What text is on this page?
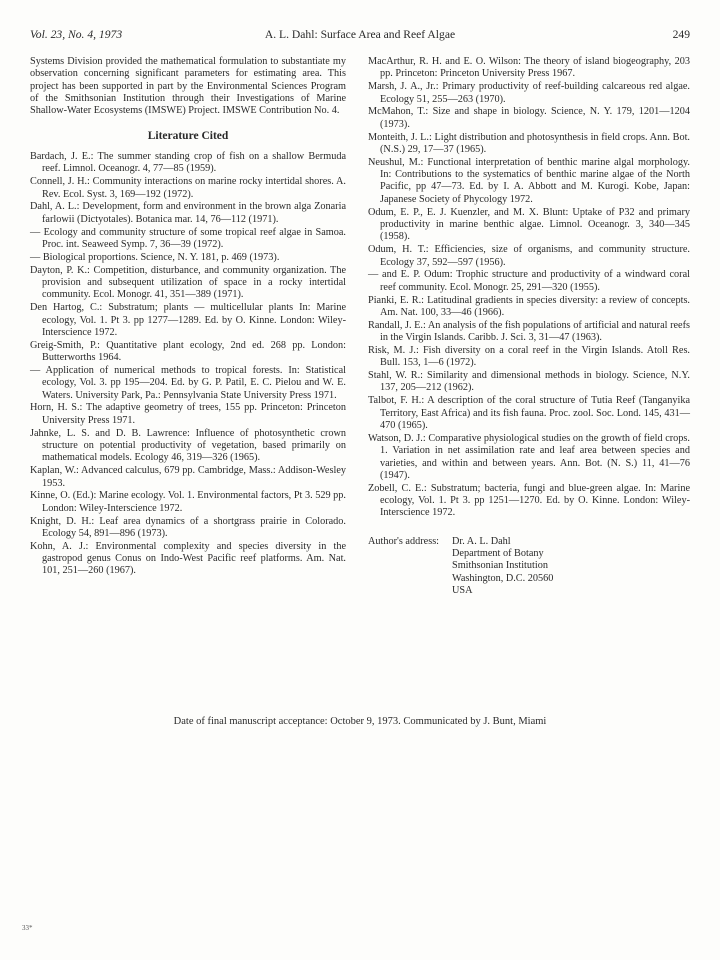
Vol. 23, No. 4, 1973	A. L. Dahl: Surface Area and Reef Algae	249

Systems Division provided the mathematical formulation to substantiate my observation concerning significant parameters for estimating area. This project has been supported in part by the Environmental Sciences Program of the Smithsonian Institution through their Investigations of Marine Shallow-Water Ecosystems (IMSWE) Project. IMSWE Contribution No. 4.

Literature Cited
Bardach, J. E.: The summer standing crop of fish on a shallow Bermuda reef. Limnol. Oceanogr. 4, 77—85 (1959).
Connell, J. H.: Community interactions on marine rocky intertidal shores. A. Rev. Ecol. Syst. 3, 169—192 (1972).
Dahl, A. L.: Development, form and environment in the brown alga Zonaria farlowii (Dictyotales). Botanica mar. 14, 76—112 (1971).
— Ecology and community structure of some tropical reef algae in Samoa. Proc. int. Seaweed Symp. 7, 36—39 (1972).
— Biological proportions. Science, N. Y. 181, p. 469 (1973).
Dayton, P. K.: Competition, disturbance, and community organization. The provision and subsequent utilization of space in a rocky intertidal community. Ecol. Monogr. 41, 351—389 (1971).
Den Hartog, C.: Substratum; plants — multicellular plants In: Marine ecology, Vol. 1. Pt 3. pp 1277—1289. Ed. by O. Kinne. London: Wiley-Interscience 1972.
Greig-Smith, P.: Quantitative plant ecology, 2nd ed. 268 pp. London: Butterworths 1964.
— Application of numerical methods to tropical forests. In: Statistical ecology, Vol. 3. pp 195—204. Ed. by G. P. Patil, E. C. Pielou and W. E. Waters. University Park, Pa.: Pennsylvania State University Press 1971.
Horn, H. S.: The adaptive geometry of trees, 155 pp. Princeton: Princeton University Press 1971.
Jahnke, L. S. and D. B. Lawrence: Influence of photosynthetic crown structure on potential productivity of vegetation, based primarily on mathematical models. Ecology 46, 319—326 (1965).
Kaplan, W.: Advanced calculus, 679 pp. Cambridge, Mass.: Addison-Wesley 1953.
Kinne, O. (Ed.): Marine ecology. Vol. 1. Environmental factors, Pt 3. 529 pp. London: Wiley-Interscience 1972.
Knight, D. H.: Leaf area dynamics of a shortgrass prairie in Colorado. Ecology 54, 891—896 (1973).
Kohn, A. J.: Environmental complexity and species diversity in the gastropod genus Conus on Indo-West Pacific reef platforms. Am. Nat. 101, 251—260 (1967).
MacArthur, R. H. and E. O. Wilson: The theory of island biogeography, 203 pp. Princeton: Princeton University Press 1967.
Marsh, J. A., Jr.: Primary productivity of reef-building calcareous red algae. Ecology 51, 255—263 (1970).
McMahon, T.: Size and shape in biology. Science, N. Y. 179, 1201—1204 (1973).
Monteith, J. L.: Light distribution and photosynthesis in field crops. Ann. Bot. (N.S.) 29, 17—37 (1965).
Neushul, M.: Functional interpretation of benthic marine algal morphology. In: Contributions to the systematics of benthic marine algae of the North Pacific, pp 47—73. Ed. by I. A. Abbott and M. Kurogi. Kobe, Japan: Japanese Society of Phycology 1972.
Odum, E. P., E. J. Kuenzler, and M. X. Blunt: Uptake of P32 and primary productivity in marine benthic algae. Limnol. Oceanogr. 3, 340—345 (1958).
Odum, H. T.: Efficiencies, size of organisms, and community structure. Ecology 37, 592—597 (1956).
— and E. P. Odum: Trophic structure and productivity of a windward coral reef community. Ecol. Monogr. 25, 291—320 (1955).
Pianki, E. R.: Latitudinal gradients in species diversity: a review of concepts. Am. Nat. 100, 33—46 (1966).
Randall, J. E.: An analysis of the fish populations of artificial and natural reefs in the Virgin Islands. Caribb. J. Sci. 3, 31—47 (1963).
Risk, M. J.: Fish diversity on a coral reef in the Virgin Islands. Atoll Res. Bull. 153, 1—6 (1972).
Stahl, W. R.: Similarity and dimensional methods in biology. Science, N.Y. 137, 205—212 (1962).
Talbot, F. H.: A description of the coral structure of Tutia Reef (Tanganyika Territory, East Africa) and its fish fauna. Proc. zool. Soc. Lond. 145, 431—470 (1965).
Watson, D. J.: Comparative physiological studies on the growth of field crops. 1. Variation in net assimilation rate and leaf area between species and varieties, and within and between years. Ann. Bot. (N. S.) 11, 41—76 (1947).
Zobell, C. E.: Substratum; bacteria, fungi and blue-green algae. In: Marine ecology, Vol. 1. Pt 3. pp 1251—1270. Ed. by O. Kinne. London: Wiley-Interscience 1972.
Author's address:	Dr. A. L. Dahl
Department of Botany
Smithsonian Institution
Washington, D.C. 20560
USA
Date of final manuscript acceptance: October 9, 1973. Communicated by J. Bunt, Miami
33*
